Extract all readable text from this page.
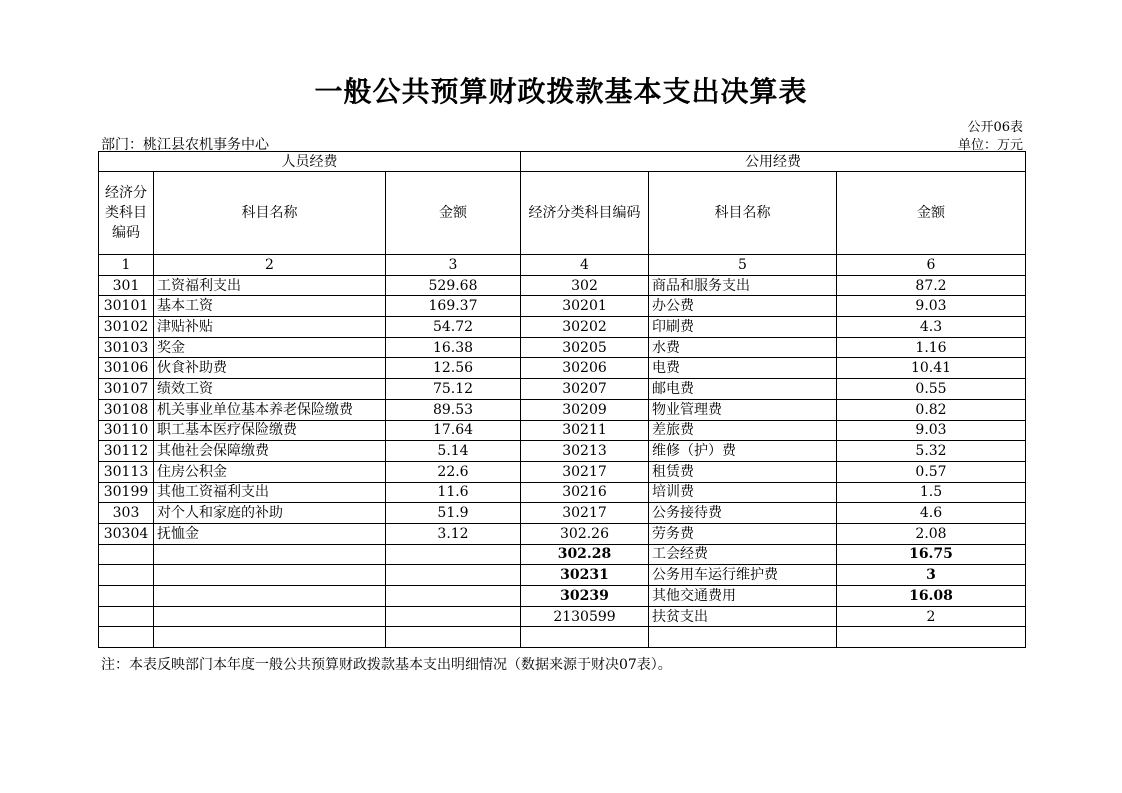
一般公共预算财政拨款基本支出决算表
公开06表
部门：桃江县农机事务中心	单位：万元
人员经费			公用经费		
经济分类科目编码	科目名称	金额	经济分类科目编码	科目名称	金额
1	2	3	4	5	6
301	工资福利支出	529.68	302	商品和服务支出	87.2
30101	基本工资	169.37	30201	办公费	9.03
30102	津贴补贴	54.72	30202	印刷费	4.3
30103	奖金	16.38	30205	水费	1.16
30106	伙食补助费	12.56	30206	电费	10.41
30107	绩效工资	75.12	30207	邮电费	0.55
30108	机关事业单位基本养老保险缴费	89.53	30209	物业管理费	0.82
30110	职工基本医疗保险缴费	17.64	30211	差旅费	9.03
30112	其他社会保障缴费	5.14	30213	维修（护）费	5.32
30113	住房公积金	22.6	30217	租赁费	0.57
30199	其他工资福利支出	11.6	30216	培训费	1.5
303	对个人和家庭的补助	51.9	30217	公务接待费	4.6
30304	抚恤金	3.12	302.26	劳务费	2.08
			302.28	工会经费	16.75
			30231	公务用车运行维护费	3
			30239	其他交通费用	16.08
			2130599	扶贫支出	2

注：本表反映部门本年度一般公共预算财政拨款基本支出明细情况（数据来源于财决07表）。
